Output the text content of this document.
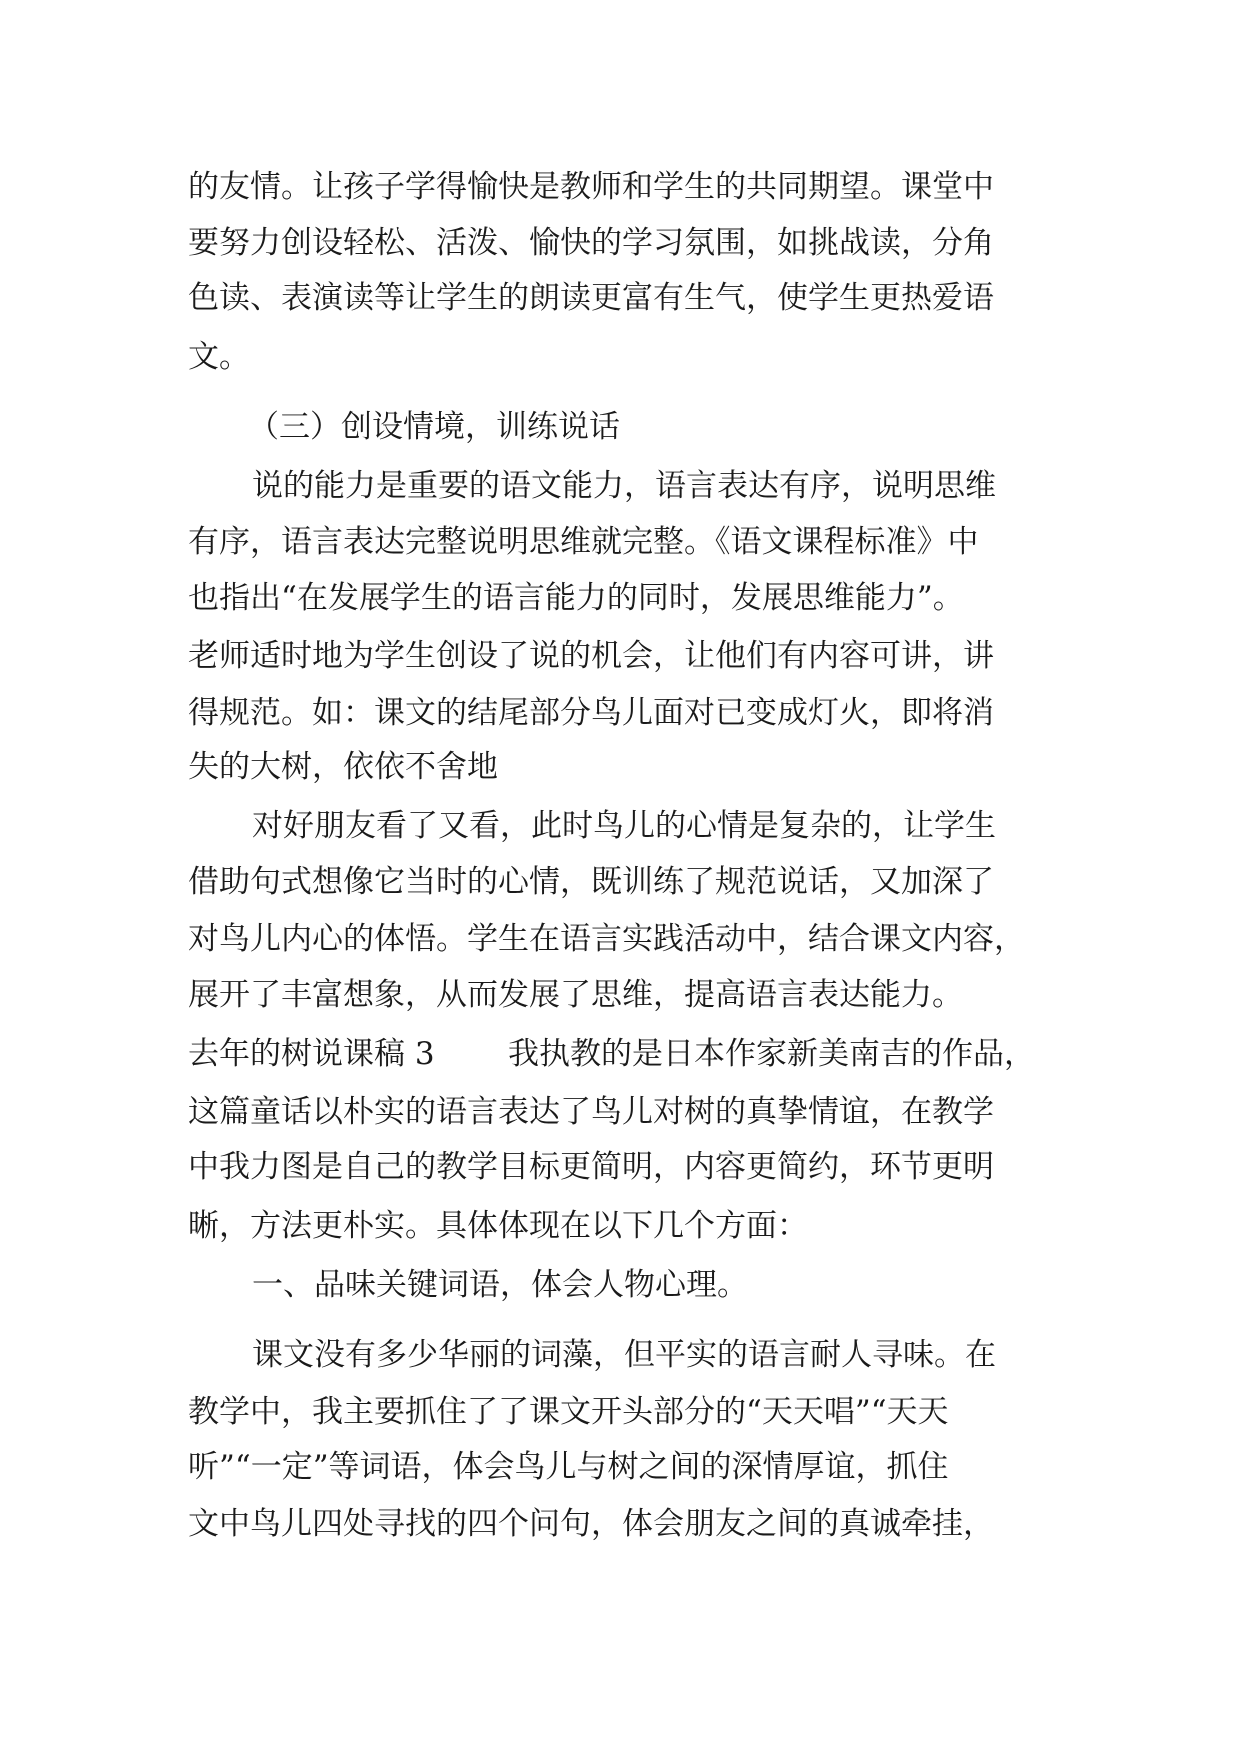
的友情。让孩子学得愉快是教师和学生的共同期望。课堂中
要努力创设轻松、活泼、愉快的学习氛围，如挑战读，分角
色读、表演读等让学生的朗读更富有生气，使学生更热爱语
文。
（三）创设情境，训练说话
说的能力是重要的语文能力，语言表达有序，说明思维
有序，语言表达完整说明思维就完整。《语文课程标准》中
也指出“在发展学生的语言能力的同时，发展思维能力”。
老师适时地为学生创设了说的机会，让他们有内容可讲，讲
得规范。如：课文的结尾部分鸟儿面对已变成灯火，即将消
失的大树，依依不舍地
对好朋友看了又看，此时鸟儿的心情是复杂的，让学生
借助句式想像它当时的心情，既训练了规范说话，又加深了
对鸟儿内心的体悟。学生在语言实践活动中，结合课文内容，
展开了丰富想象，从而发展了思维，提高语言表达能力。
去年的树说课稿 3 我执教的是日本作家新美南吉的作品，
这篇童话以朴实的语言表达了鸟儿对树的真挚情谊，在教学
中我力图是自己的教学目标更简明，内容更简约，环节更明
晰，方法更朴实。具体体现在以下几个方面：
一、品味关键词语，体会人物心理。
课文没有多少华丽的词藻，但平实的语言耐人寻味。在
教学中，我主要抓住了了课文开头部分的“天天唱”“天天
听”“一定”等词语，体会鸟儿与树之间的深情厚谊，抓住
文中鸟儿四处寻找的四个问句，体会朋友之间的真诚牵挂，
